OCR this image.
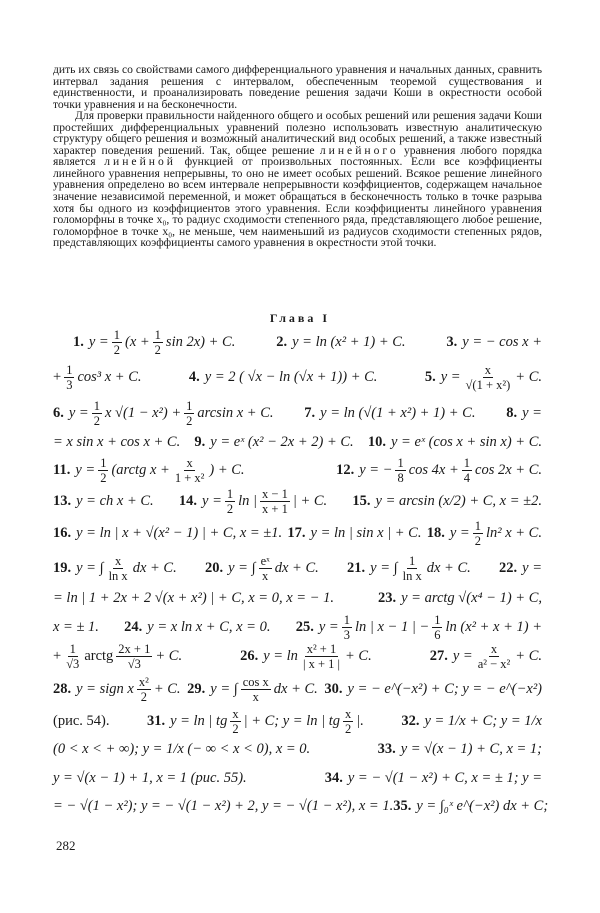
дить их связь со свойствами самого дифференциального уравнения и начальных данных, сравнить интервал задания решения с интервалом, обеспеченным теоремой существования и единственности, и проанализировать поведение решения задачи Коши в окрестности особой точки уравнения и на бесконечности.

Для проверки правильности найденного общего и особых решений или решения задачи Коши простейших дифференциальных уравнений полезно использовать известную аналитическую структуру общего решения и возможный аналитический вид особых решений, а также известный характер поведения решений. Так, общее решение линейного уравнения любого порядка является линейной функцией от произвольных постоянных. Если все коэффициенты линейного уравнения непрерывны, то оно не имеет особых решений. Всякое решение линейного уравнения определено во всем интервале непрерывности коэффициентов, содержащем начальное значение независимой переменной, и может обращаться в бесконечность только в точке разрыва хотя бы одного из коэффициентов этого уравнения. Если коэффициенты линейного уравнения голоморфны в точке x₀, то радиус сходимости степенного ряда, представляющего любое решение, голоморфное в точке x₀, не меньше, чем наименьший из радиусов сходимости степенных рядов, представляющих коэффициенты самого уравнения в окрестности этой точки.

Глава I
1. $y = \frac{1}{2} (x + \frac{1}{2}$ sin 2x) + C.	2. y = ln (x² + 1) + C.	3. y = − cos x +
+ $\frac{1}{3} \cos^3$ x + C.	4. y = 2 ( √x − ln (√x + 1)) + C.	5. $y = \frac{x}{\text{√(1 + x²)}} + C$.
6. $y = \frac{1}{2}$ x $√(1 - x^2) + \frac{1}{2}$ arcsin x + C. 7. y = ln (√(1 + x²) + 1) + C. 8. y =
= x sin x + cos x + C. 9. y = eˣ (x² − 2x + 2) + C. 10. y = eˣ (cos x + sin x) + C.
11. $y = \frac{1}{2}$ (arctg $x + \frac{x}{\text{1 + x²}}$ ) + C.	12. y = − $\frac{1}{8}$ $\cos 4x + \frac{1}{4}$ cos 2x + C.
13. y = ch x + C. 14. $y = \frac{1}{2}$ ln | $\frac{x - 1}{x + 1}$ | + C. 15. y = arcsin (x/2) + C, x = ±2.
16. y = ln | x + √(x² − 1) | + C, x = ±1. 17. y = ln | sin x | + C. 18. $y = \frac{1}{2} \ln^2$ x + C.
19. y = ∫ $\frac{x}{\text{ln x}}$ dx + C. 20. y = ∫ $\frac{\text{eˣ}}{x}$ dx + C. 21. y = ∫ $\frac{1}{\text{ln x}}$ dx + C. 22. y =
= ln | 1 + 2x + 2 √(x + x²) | + C, x = 0, x = − 1.	23. y = arctg √(x⁴ − 1) + C,
x = ± 1. 24. y = x ln x + C, x = 0. 25. $y = \frac{1}{3}$ ln | x − 1 | − $\frac{1}{6}$ ln (x² + x + 1) +
+ $\frac{1}{√3}$ arctg $\frac{2x + 1}{√3} + C$.	26. $y = \ln \frac{\text{x² + 1}}{| x + 1 |} + C$.	27. $y = \frac{x}{\text{a² − x²}} + C$.
28. y = sign x $\frac{\text{x²}}{2} + C$. 29. y = ∫ $\frac{\text{cos x}}{x}$ dx + C. 30. y = − e^(−x²) + C; y = − e^(−x²)
(рис. 54).	31. y = ln | tg $\frac{x}{2}$ | + C; y = ln | tg $\frac{x}{2}$ |.	32. y = 1/x + C; y = 1/x
(0 < x < + ∞); y = 1/x (− ∞ < x < 0), x = 0.	33. y = √(x − 1) + C, x = 1;
y = √(x − 1) + 1, x = 1 (рис. 55).	34. y = − √(1 − x²) + C, x = ± 1; y =
= − √(1 − x²); y = − √(1 − x²) + 2, y = − √(1 − x²), x = 1. 35. y = ∫₀ˣ e^(−x²) dx + C;
282
